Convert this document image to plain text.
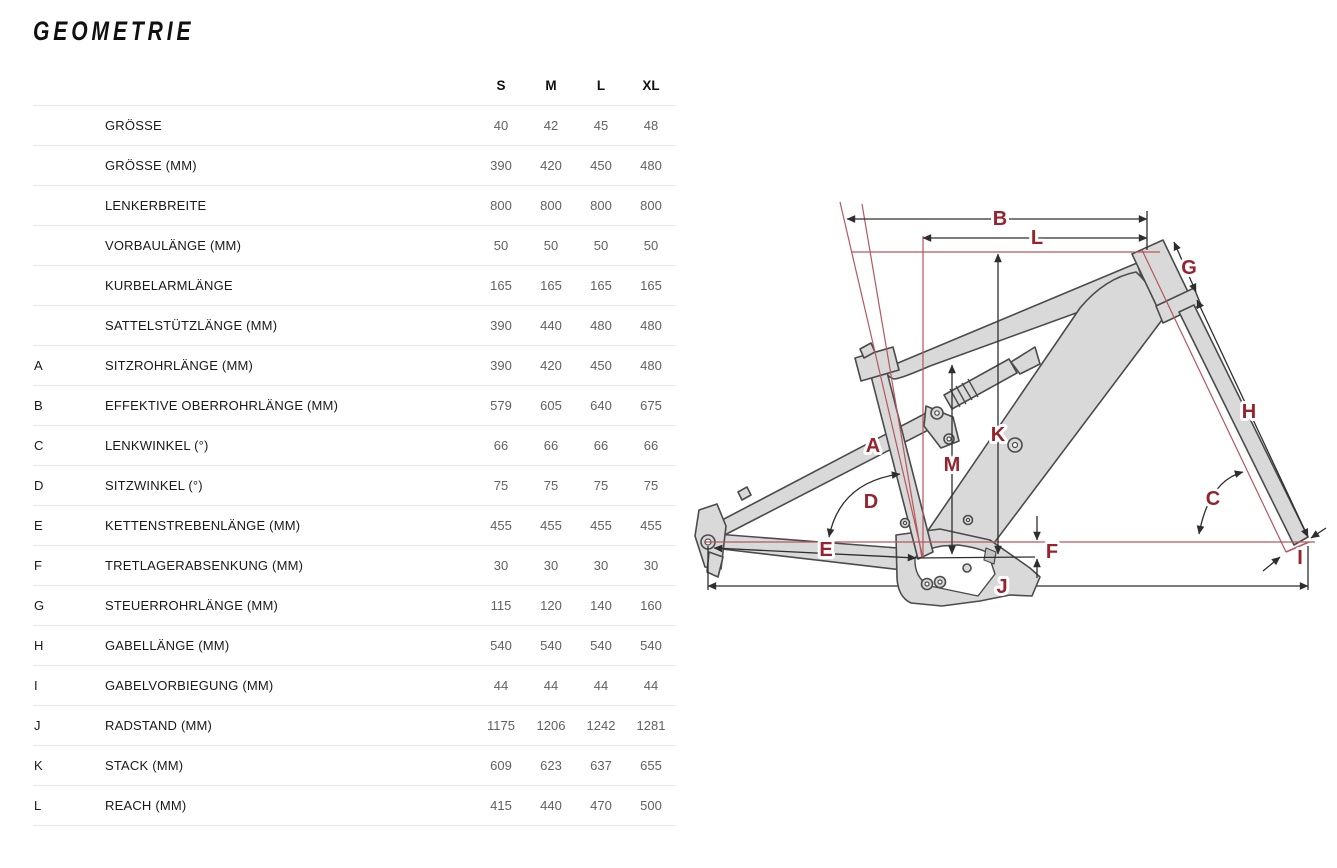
GEOMETRIE
S	M	L	XL
GRÖSSE	40	42	45	48
GRÖSSE (MM)	390	420	450	480
LENKERBREITE	800	800	800	800
VORBAULÄNGE (MM)	50	50	50	50
KURBELARMLÄNGE	165	165	165	165
SATTELSTÜTZLÄNGE (MM)	390	440	480	480
A	SITZROHRLÄNGE (MM)	390	420	450	480
B	EFFEKTIVE OBERROHRLÄNGE (MM)	579	605	640	675
C	LENKWINKEL (°)	66	66	66	66
D	SITZWINKEL (°)	75	75	75	75
E	KETTENSTREBENLÄNGE (MM)	455	455	455	455
F	TRETLAGERABSENKUNG (MM)	30	30	30	30
G	STEUERROHRLÄNGE (MM)	115	120	140	160
H	GABELLÄNGE (MM)	540	540	540	540
I	GABELVORBIEGUNG (MM)	44	44	44	44
J	RADSTAND (MM)	1175	1206	1242	1281
K	STACK (MM)	609	623	637	655
L	REACH (MM)	415	440	470	500
A
B
C
D
E	F
G
H
I
J
K
L
M
